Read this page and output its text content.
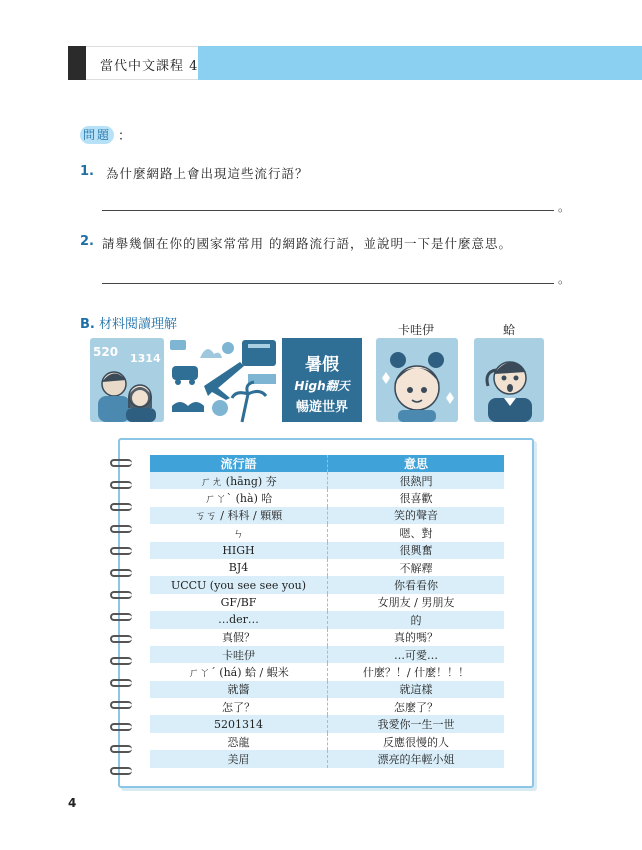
當代中文課程 4
問題 ：
1. 為什麼網路上會出現這些流行語？
。
2. 請舉幾個在你的國家常常用 的網路流行語，並說明一下是什麼意思。
。
B. 材料閱讀理解	卡哇伊	蛤
520 1314	暑假
High翻天
暢遊世界
流行語	意思
ㄏㄤ (hāng) 夯	很熱門
ㄏㄚˋ (hà) 哈	很喜歡
ㄎㄎ / 科科 / 顆顆	笑的聲音
ㄣ	嗯、對
HIGH	很興奮
BJ4	不解釋
UCCU (you see see you)	你看看你
GF/BF	女朋友 / 男朋友
…der…	的
真假？	真的嗎？
卡哇伊	…可愛…
ㄏㄚˊ (há) 蛤 / 蝦米	什麼？！/ 什麼！！！
就醬	就這樣
怎了？	怎麼了？
5201314	我愛你一生一世
恐龍	反應很慢的人
美眉	漂亮的年輕小姐
4
